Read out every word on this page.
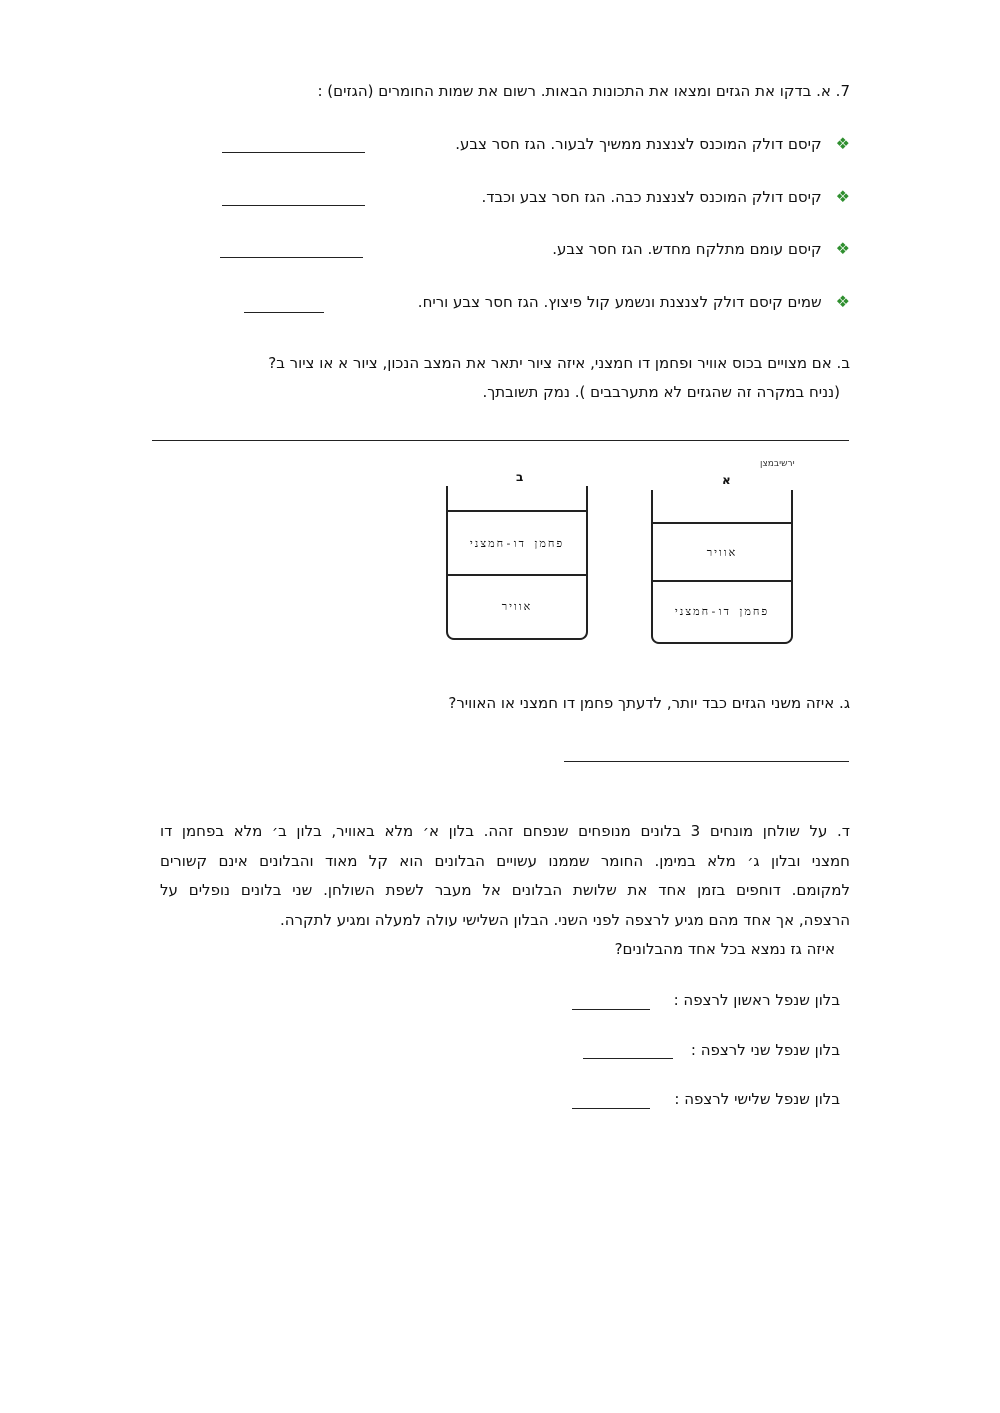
7. א. בדקו את הגזים ומצאו את התכונות הבאות. רשום את שמות החומרים (הגזים) :
❖קיסם דולק המוכנס לצנצנת ממשיך לבעור. הגז חסר צבע.
❖קיסם דולק המוכנס לצנצנת כבה. הגז חסר צבע וכבד.
❖קיסם עומם מתלקח מחדש. הגז חסר צבע.
❖שמים קיסם דולק לצנצנת ונשמע קול פיצוץ. הגז חסר צבע וריח.
ב. אם מצויים בכוס אוויר ופחמן דו חמצני, איזה ציור יתאר את המצב הנכון, ציור א או ציור ב?
(נניח במקרה זה שהגזים לא מתערבבים ). נמק תשובתך.
ירשיבמצן
ב
פחמן דו-חמצני
אוויר
א
אוויר
פחמן דו-חמצני
ג. איזה משני הגזים כבד יותר, לדעתך פחמן דו חמצני או האוויר?
ד. על שולחן מונחים 3 בלונים מנופחים שנפחם זהה. בלון א׳ מלא באוויר, בלון ב׳ מלא בפחמן דו
חמצני ובלון ג׳ מלא במימן. החומר שממנו עשויים הבלונים הוא קל מאוד והבלונים אינם קשורים
למקומם. דוחפים בזמן אחד את שלושת הבלונים אל מעבר לשפת השולחן. שני בלונים נופלים על
הרצפה, אך אחד מהם מגיע לרצפה לפני השני. הבלון השלישי עולה למעלה ומגיע לתקרה.
איזה גז נמצא בכל אחד מהבלונים?
בלון שנפל ראשון לרצפה :
בלון שנפל שני לרצפה :
בלון שנפל שלישי לרצפה :
